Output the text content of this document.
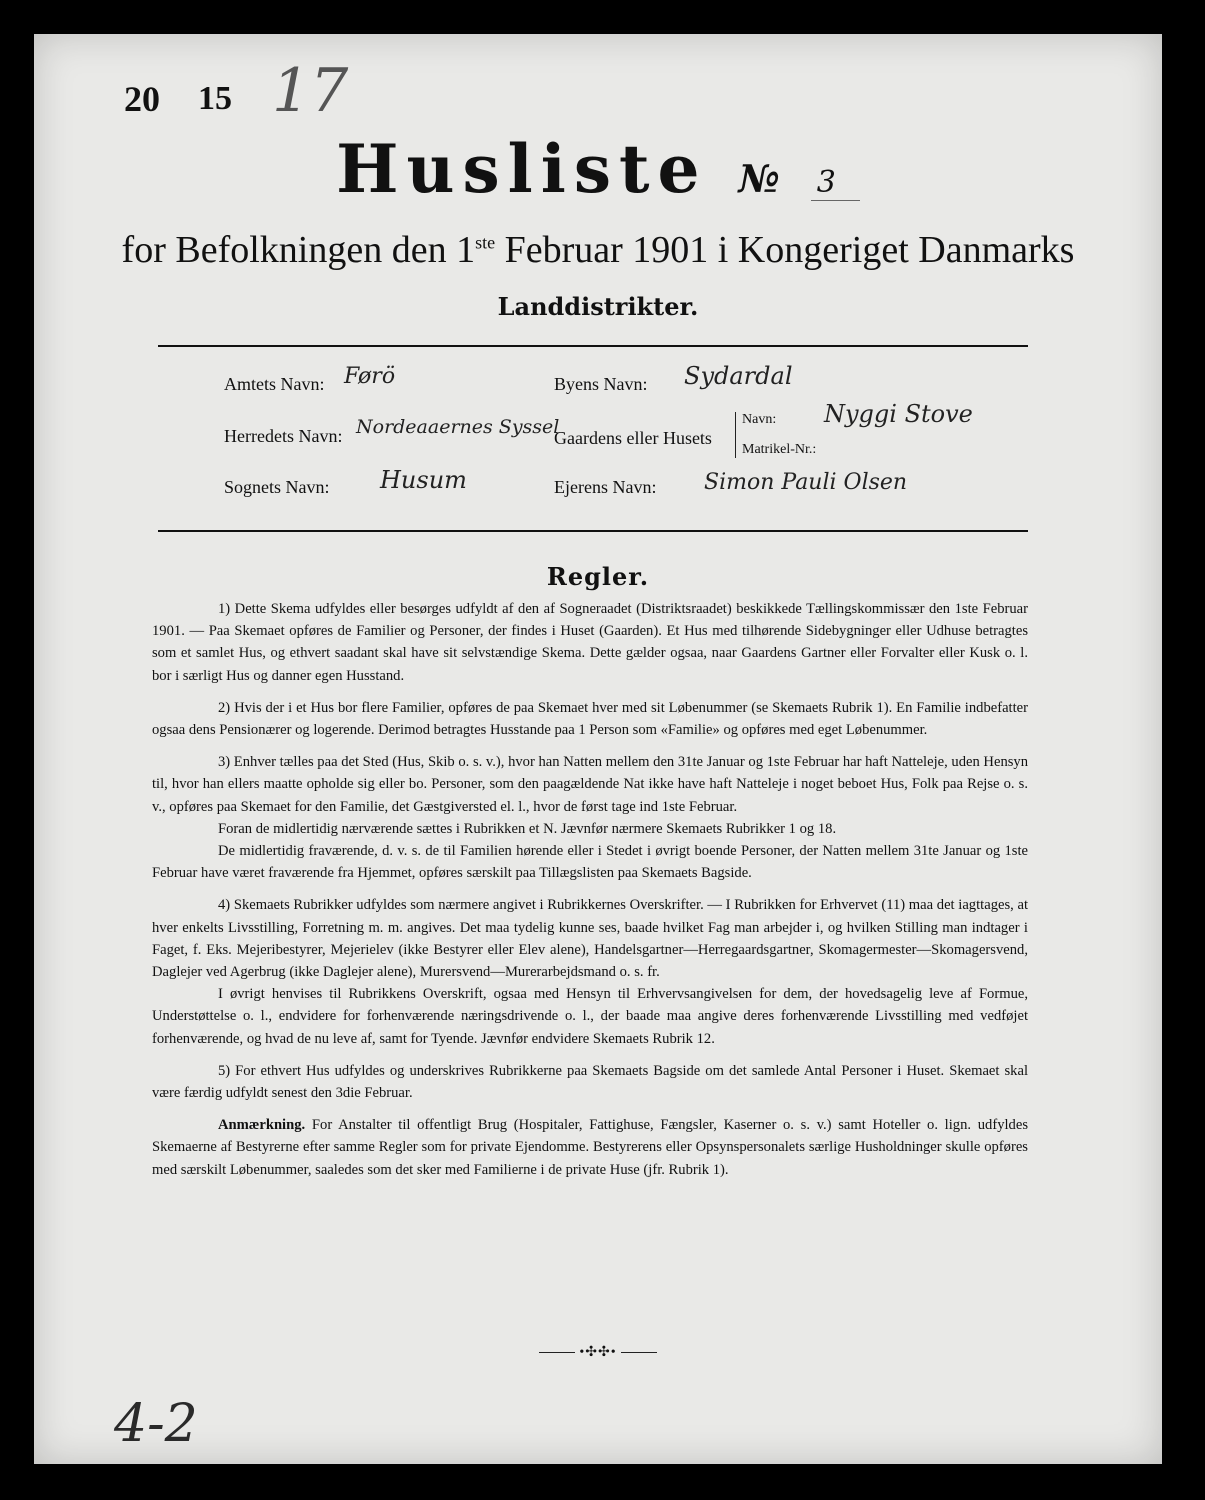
20 15 17
Husliste № 3
for Befolkningen den 1ste Februar 1901 i Kongeriget Danmarks
Landdistrikter.
Amtets Navn: Førö
Herredets Navn: Nordeaaernes Syssel
Sognets Navn: Husum
Byens Navn: Sydardal
Gaardens eller Husets
Navn: Nyggi Stove
Matrikel-Nr.:
Ejerens Navn: Simon Pauli Olsen
Regler.

1) Dette Skema udfyldes eller besørges udfyldt af den af Sogneraadet (Distriktsraadet) beskikkede Tællingskommissær den 1ste Februar 1901. — Paa Skemaet opføres de Familier og Personer, der findes i Huset (Gaarden). Et Hus med tilhørende Sidebygninger eller Udhuse betragtes som et samlet Hus, og ethvert saadant skal have sit selvstændige Skema. Dette gælder ogsaa, naar Gaardens Gartner eller Forvalter eller Kusk o. l. bor i særligt Hus og danner egen Husstand.

2) Hvis der i et Hus bor flere Familier, opføres de paa Skemaet hver med sit Løbenummer (se Skemaets Rubrik 1). En Familie indbefatter ogsaa dens Pensionærer og logerende. Derimod betragtes Husstande paa 1 Person som «Familie» og opføres med eget Løbenummer.

3) Enhver tælles paa det Sted (Hus, Skib o. s. v.), hvor han Natten mellem den 31te Januar og 1ste Februar har haft Natteleje, uden Hensyn til, hvor han ellers maatte opholde sig eller bo. Personer, som den paagældende Nat ikke have haft Natteleje i noget beboet Hus, Folk paa Rejse o. s. v., opføres paa Skemaet for den Familie, det Gæstgiversted el. l., hvor de først tage ind 1ste Februar.

Foran de midlertidig nærværende sættes i Rubrikken et N. Jævnfør nærmere Skemaets Rubrikker 1 og 18.

De midlertidig fraværende, d. v. s. de til Familien hørende eller i Stedet i øvrigt boende Personer, der Natten mellem 31te Januar og 1ste Februar have været fraværende fra Hjemmet, opføres særskilt paa Tillægslisten paa Skemaets Bagside.

4) Skemaets Rubrikker udfyldes som nærmere angivet i Rubrikkernes Overskrifter. — I Rubrikken for Erhvervet (11) maa det iagttages, at hver enkelts Livsstilling, Forretning m. m. angives. Det maa tydelig kunne ses, baade hvilket Fag man arbejder i, og hvilken Stilling man indtager i Faget, f. Eks. Mejeribestyrer, Mejerielev (ikke Bestyrer eller Elev alene), Handelsgartner—Herregaardsgartner, Skomagermester—Skomagersvend, Daglejer ved Agerbrug (ikke Daglejer alene), Murersvend—Murerarbejdsmand o. s. fr.

I øvrigt henvises til Rubrikkens Overskrift, ogsaa med Hensyn til Erhvervsangivelsen for dem, der hovedsagelig leve af Formue, Understøttelse o. l., endvidere for forhenværende næringsdrivende o. l., der baade maa angive deres forhenværende Livsstilling med vedføjet forhenværende, og hvad de nu leve af, samt for Tyende. Jævnfør endvidere Skemaets Rubrik 12.

5) For ethvert Hus udfyldes og underskrives Rubrikkerne paa Skemaets Bagside om det samlede Antal Personer i Huset. Skemaet skal være færdig udfyldt senest den 3die Februar.

Anmærkning. For Anstalter til offentligt Brug (Hospitaler, Fattighuse, Fængsler, Kaserner o. s. v.) samt Hoteller o. lign. udfyldes Skemaerne af Bestyrerne efter samme Regler som for private Ejendomme. Bestyrerens eller Opsynspersonalets særlige Husholdninger skulle opføres med særskilt Løbenummer, saaledes som det sker med Familierne i de private Huse (jfr. Rubrik 1).

•✣✣•
4-2
